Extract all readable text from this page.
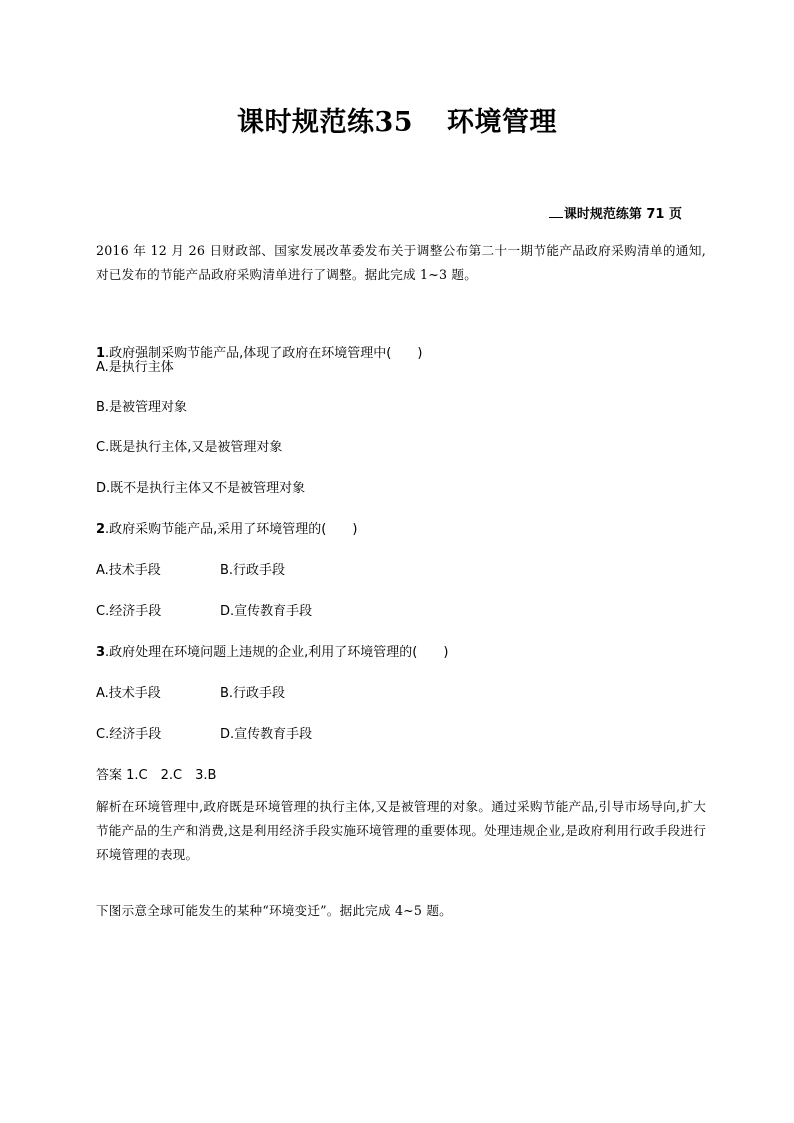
课时规范练35 环境管理
课时规范练第 71 页
2016 年 12 月 26 日财政部、国家发展改革委发布关于调整公布第二十一期节能产品政府采购清单的通知,对已发布的节能产品政府采购清单进行了调整。据此完成 1~3 题。
1.政府强制采购节能产品,体现了政府在环境管理中(　　)
A.是执行主体
B.是被管理对象
C.既是执行主体,又是被管理对象
D.既不是执行主体又不是被管理对象
2.政府采购节能产品,采用了环境管理的(　　)
A.技术手段	B.行政手段
C.经济手段	D.宣传教育手段
3.政府处理在环境问题上违规的企业,利用了环境管理的(　　)
A.技术手段	B.行政手段
C.经济手段	D.宣传教育手段
答案 1.C　2.C　3.B
解析在环境管理中,政府既是环境管理的执行主体,又是被管理的对象。通过采购节能产品,引导市场导向,扩大节能产品的生产和消费,这是利用经济手段实施环境管理的重要体现。处理违规企业,是政府利用行政手段进行环境管理的表现。
下图示意全球可能发生的某种“环境变迁”。据此完成 4~5 题。
